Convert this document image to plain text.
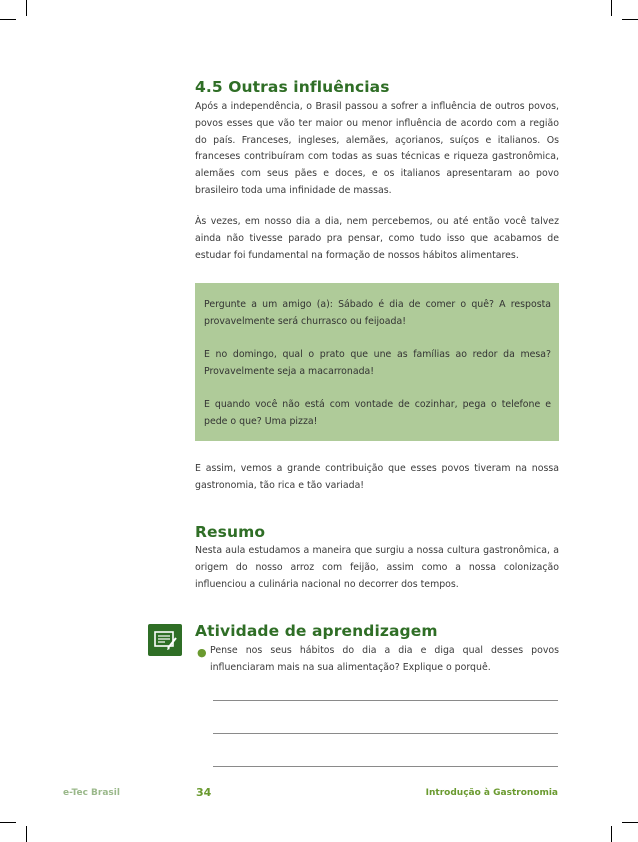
4.5 Outras influências

Após a independência, o Brasil passou a sofrer a influência de outros povos, povos esses que vão ter maior ou menor influência de acordo com a região do país. Franceses, ingleses, alemães, açorianos, suíços e italianos. Os franceses contribuíram com todas as suas técnicas e riqueza gastronômica, alemães com seus pães e doces, e os italianos apresentaram ao povo brasileiro toda uma infinidade de massas.

Às vezes, em nosso dia a dia, nem percebemos, ou até então você talvez ainda não tivesse parado pra pensar, como tudo isso que acabamos de estudar foi fundamental na formação de nossos hábitos alimentares.

Pergunte a um amigo (a): Sábado é dia de comer o quê? A resposta provavelmente será churrasco ou feijoada!

E no domingo, qual o prato que une as famílias ao redor da mesa? Provavelmente seja a macarronada!

E quando você não está com vontade de cozinhar, pega o telefone e pede o que? Uma pizza!

E assim, vemos a grande contribuição que esses povos tiveram na nossa gastronomia, tão rica e tão variada!

Resumo

Nesta aula estudamos a maneira que surgiu a nossa cultura gastronômica, a origem do nosso arroz com feijão, assim como a nossa colonização influenciou a culinária nacional no decorrer dos tempos.

Atividade de aprendizagem
● Pense nos seus hábitos do dia a dia e diga qual desses povos influenciaram mais na sua alimentação? Explique o porquê.

e-Tec Brasil	34	Introdução à Gastronomia
